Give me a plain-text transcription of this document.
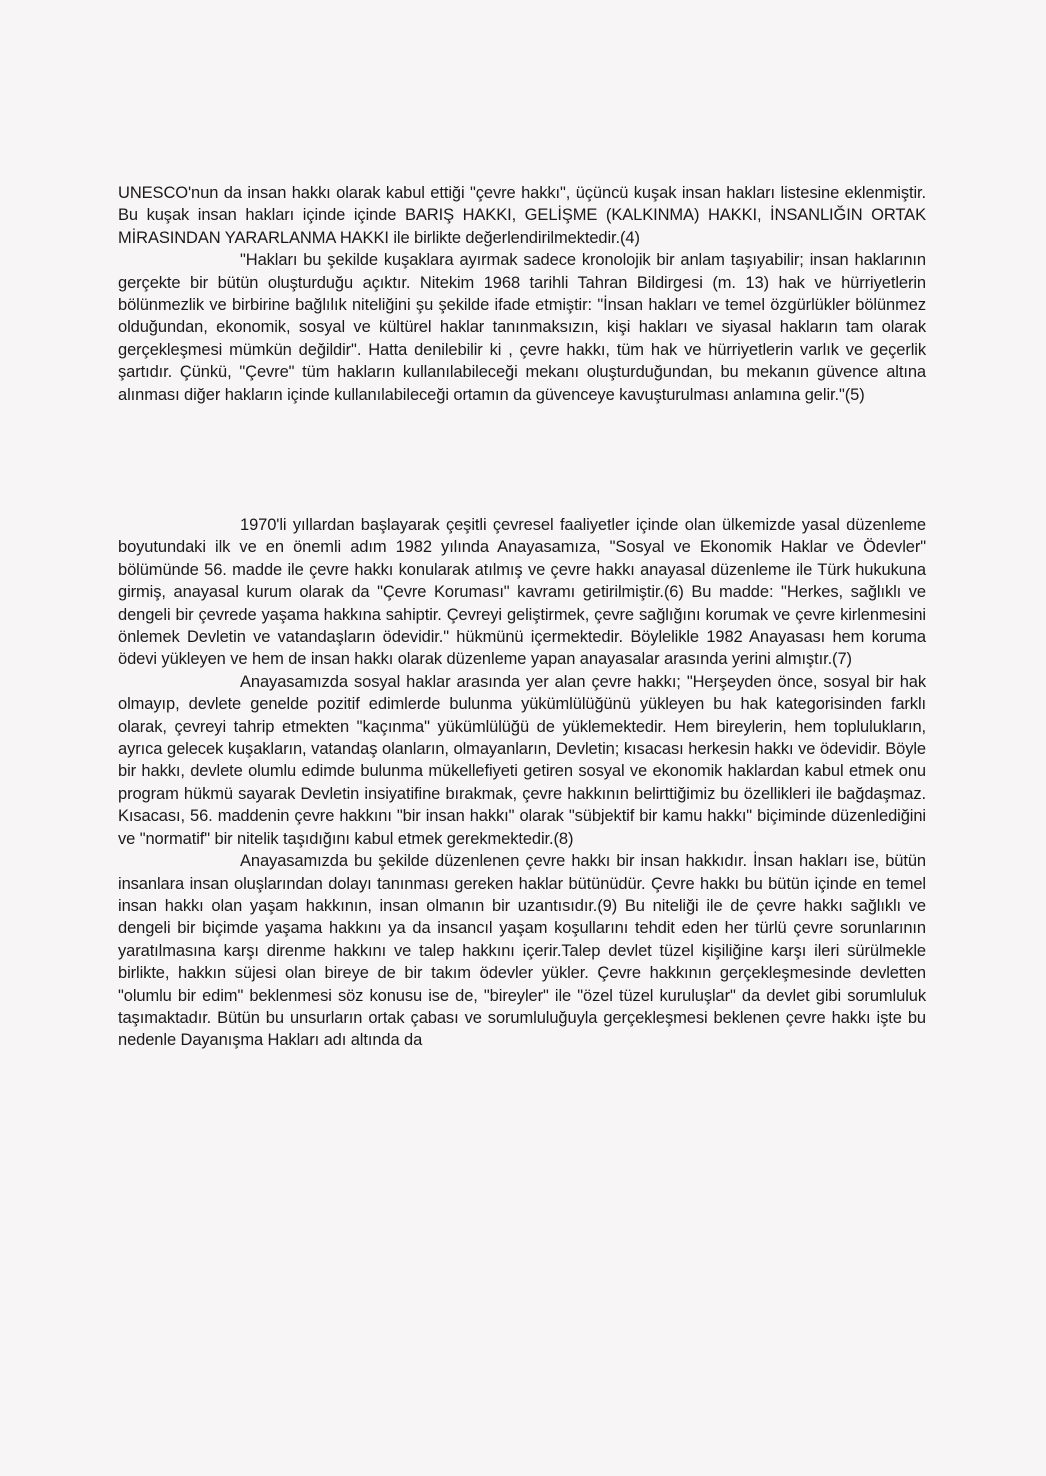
UNESCO'nun da insan hakkı olarak kabul ettiği "çevre hakkı", üçüncü kuşak insan hakları listesine eklenmiştir. Bu kuşak insan hakları içinde içinde BARIŞ HAKKI, GELİŞME (KALKINMA) HAKKI, İNSANLIĞIN ORTAK MİRASINDAN YARARLANMA HAKKI ile birlikte değerlendirilmektedir.(4)

"Hakları bu şekilde kuşaklara ayırmak sadece kronolojik bir anlam taşıyabilir; insan haklarının gerçekte bir bütün oluşturduğu açıktır. Nitekim 1968 tarihli Tahran Bildirgesi (m. 13) hak ve hürriyetlerin bölünmezlik ve birbirine bağlılık niteliğini şu şekilde ifade etmiştir: "İnsan hakları ve temel özgürlükler bölünmez olduğundan, ekonomik, sosyal ve kültürel haklar tanınmaksızın, kişi hakları ve siyasal hakların tam olarak gerçekleşmesi mümkün değildir". Hatta denilebilir ki , çevre hakkı, tüm hak ve hürriyetlerin varlık ve geçerlik şartıdır. Çünkü, "Çevre" tüm hakların kullanılabileceği mekanı oluşturduğundan, bu mekanın güvence altına alınması diğer hakların içinde kullanılabileceği ortamın da güvenceye kavuşturulması anlamına gelir."(5)

1970'li yıllardan başlayarak çeşitli çevresel faaliyetler içinde olan ülkemizde yasal düzenleme boyutundaki ilk ve en önemli adım 1982 yılında Anayasamıza, "Sosyal ve Ekonomik Haklar ve Ödevler" bölümünde 56. madde ile çevre hakkı konularak atılmış ve çevre hakkı anayasal düzenleme ile Türk hukukuna girmiş, anayasal kurum olarak da "Çevre Koruması" kavramı getirilmiştir.(6) Bu madde: "Herkes, sağlıklı ve dengeli bir çevrede yaşama hakkına sahiptir. Çevreyi geliştirmek, çevre sağlığını korumak ve çevre kirlenmesini önlemek Devletin ve vatandaşların ödevidir." hükmünü içermektedir. Böylelikle 1982 Anayasası hem koruma ödevi yükleyen ve hem de insan hakkı olarak düzenleme yapan anayasalar arasında yerini almıştır.(7)

Anayasamızda sosyal haklar arasında yer alan çevre hakkı; "Herşeyden önce, sosyal bir hak olmayıp, devlete genelde pozitif edimlerde bulunma yükümlülüğünü yükleyen bu hak kategorisinden farklı olarak, çevreyi tahrip etmekten "kaçınma" yükümlülüğü de yüklemektedir. Hem bireylerin, hem toplulukların, ayrıca gelecek kuşakların, vatandaş olanların, olmayanların, Devletin; kısacası herkesin hakkı ve ödevidir. Böyle bir hakkı, devlete olumlu edimde bulunma mükellefiyeti getiren sosyal ve ekonomik haklardan kabul etmek onu program hükmü sayarak Devletin insiyatifine bırakmak, çevre hakkının belirttiğimiz bu özellikleri ile bağdaşmaz. Kısacası, 56. maddenin çevre hakkını "bir insan hakkı" olarak "sübjektif bir kamu hakkı" biçiminde düzenlediğini ve "normatif" bir nitelik taşıdığını kabul etmek gerekmektedir.(8)

Anayasamızda bu şekilde düzenlenen çevre hakkı bir insan hakkıdır. İnsan hakları ise, bütün insanlara insan oluşlarından dolayı tanınması gereken haklar bütünüdür. Çevre hakkı bu bütün içinde en temel insan hakkı olan yaşam hakkının, insan olmanın bir uzantısıdır.(9) Bu niteliği ile de çevre hakkı sağlıklı ve dengeli bir biçimde yaşama hakkını ya da insancıl yaşam koşullarını tehdit eden her türlü çevre sorunlarının yaratılmasına karşı direnme hakkını ve talep hakkını içerir.Talep devlet tüzel kişiliğine karşı ileri sürülmekle birlikte, hakkın süjesi olan bireye de bir takım ödevler yükler. Çevre hakkının gerçekleşmesinde devletten "olumlu bir edim" beklenmesi söz konusu ise de, "bireyler" ile "özel tüzel kuruluşlar" da devlet gibi sorumluluk taşımaktadır. Bütün bu unsurların ortak çabası ve sorumluluğuyla gerçekleşmesi beklenen çevre hakkı işte bu nedenle Dayanışma Hakları adı altında da
